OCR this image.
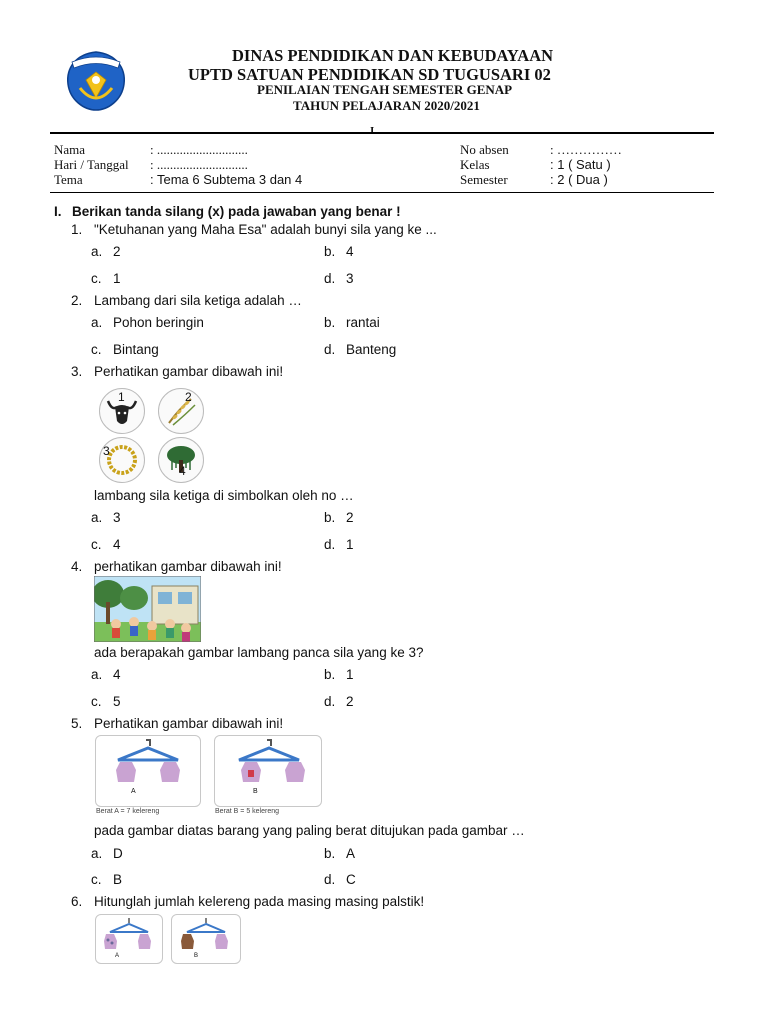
DINAS PENDIDIKAN DAN KEBUDAYAAN
UPTD SATUAN PENDIDIKAN SD TUGUSARI 02
PENILAIAN TENGAH SEMESTER GENAP
TAHUN PELAJARAN 2020/2021
I.
Nama	: ............................
Hari / Tanggal : ............................
Tema	: Tema 6 Subtema 3 dan 4
No absen	: ……………
Kelas	: 1 ( Satu )
Semester	: 2 ( Dua )
I. Berikan tanda silang (x) pada jawaban yang benar !
1. "Ketuhanan yang Maha Esa" adalah bunyi sila yang ke ...
a. 2	b. 4
c. 1	d. 3
2. Lambang dari sila ketiga adalah …
a. Pohon beringin	b. rantai
c. Bintang	d. Banteng
3. Perhatikan gambar dibawah ini!
1	2
3
4
lambang sila ketiga di simbolkan oleh no …
a. 3	b. 2
c. 4	d. 1
4. perhatikan gambar dibawah ini!
ada berapakah gambar lambang panca sila yang ke 3?
a. 4	b. 1
c. 5	d. 2
5. Perhatikan gambar dibawah ini!
A
Berat A = 7 kelereng
B
Berat B = 5 kelereng
pada gambar diatas barang yang paling berat ditujukan pada gambar …
a. D	b. A
c. B	d. C
6. Hitunglah jumlah kelereng pada masing masing palstik!
A	B
